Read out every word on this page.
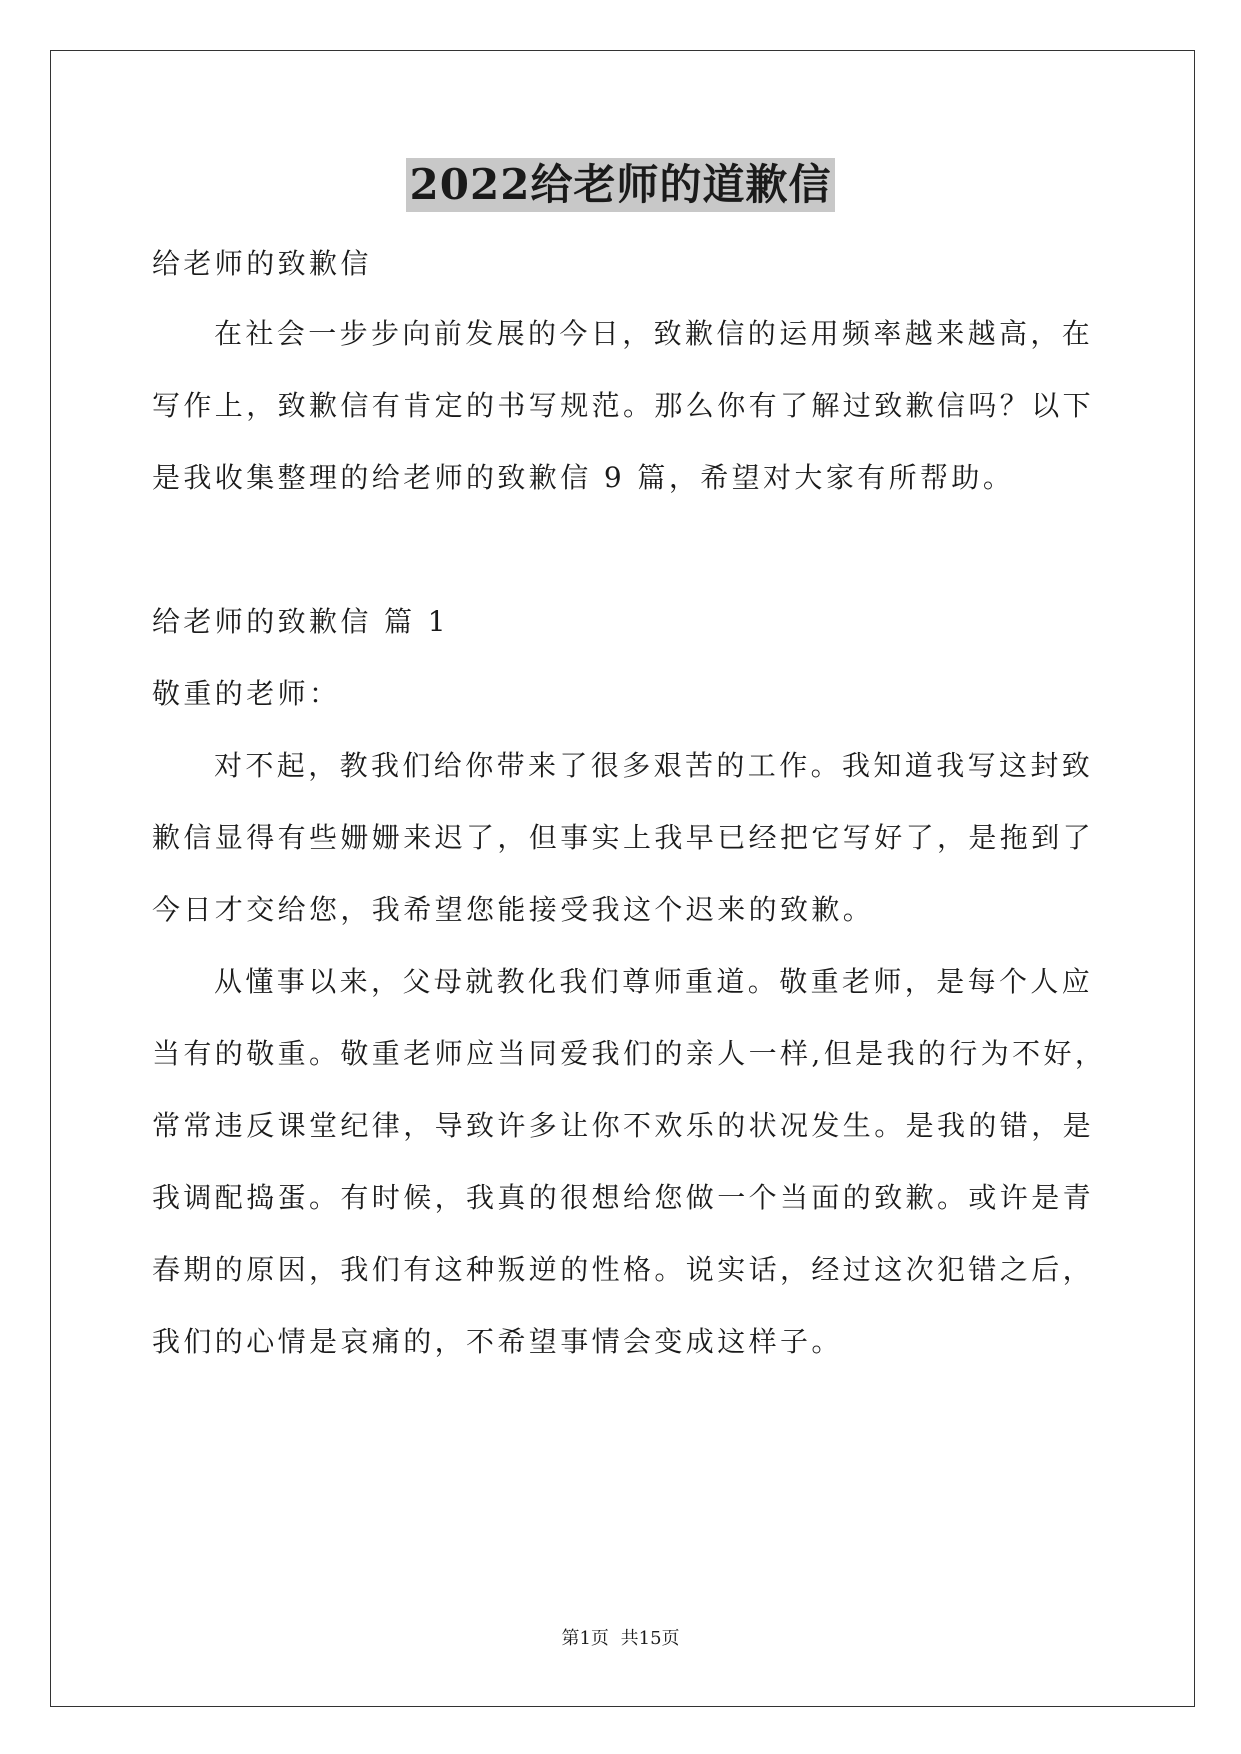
2022给老师的道歉信
给老师的致歉信
在社会一步步向前发展的今日，致歉信的运用频率越来越高，在
写作上，致歉信有肯定的书写规范。那么你有了解过致歉信吗？以下
是我收集整理的给老师的致歉信 9 篇，希望对大家有所帮助。
给老师的致歉信 篇 1
敬重的老师：
对不起，教我们给你带来了很多艰苦的工作。我知道我写这封致
歉信显得有些姗姗来迟了，但事实上我早已经把它写好了，是拖到了
今日才交给您，我希望您能接受我这个迟来的致歉。
从懂事以来，父母就教化我们尊师重道。敬重老师，是每个人应
当有的敬重。敬重老师应当同爱我们的亲人一样,但是我的行为不好，
常常违反课堂纪律，导致许多让你不欢乐的状况发生。是我的错，是
我调配捣蛋。有时候，我真的很想给您做一个当面的致歉。或许是青
春期的原因，我们有这种叛逆的性格。说实话，经过这次犯错之后，
我们的心情是哀痛的，不希望事情会变成这样子。
第1页 共15页
